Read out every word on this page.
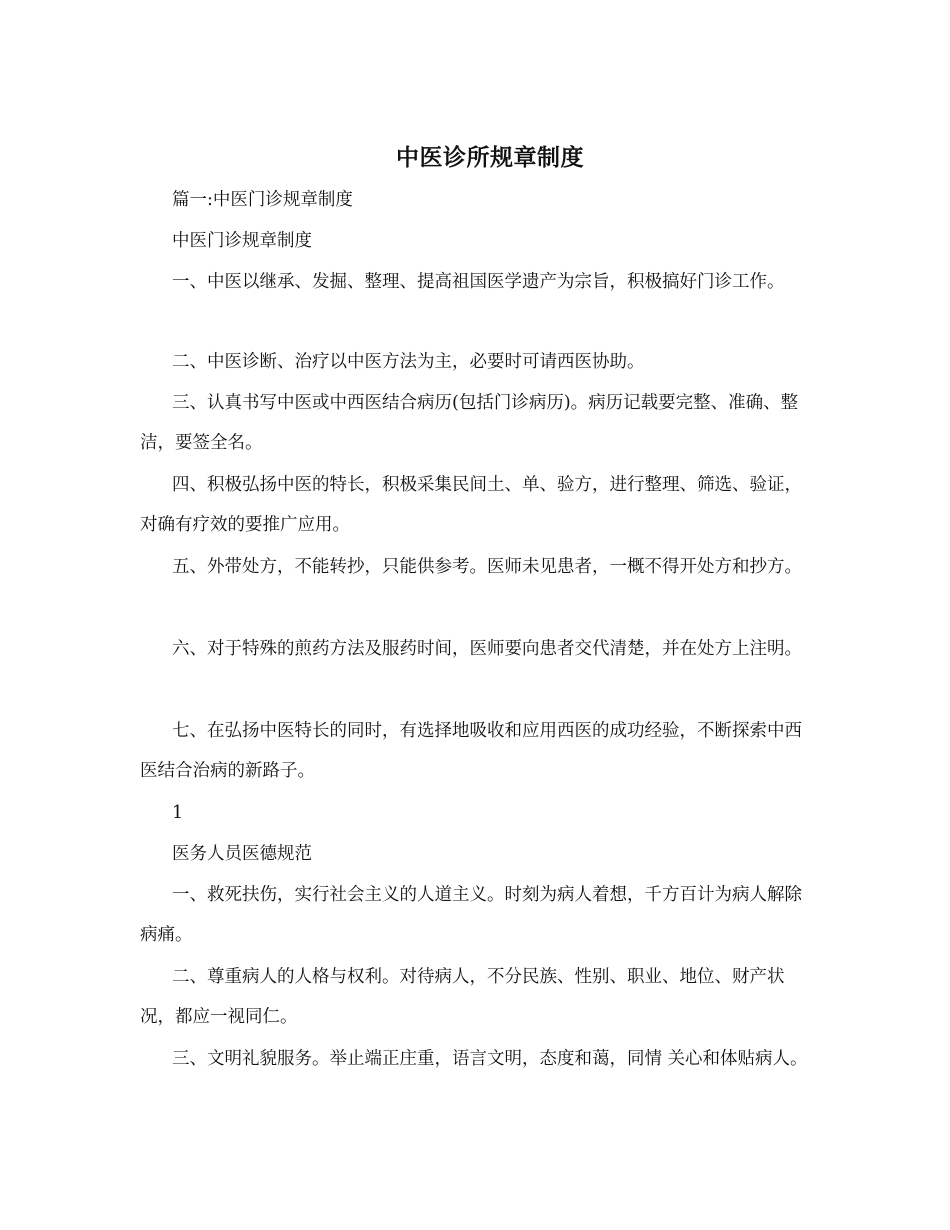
中医诊所规章制度
篇一:中医门诊规章制度
中医门诊规章制度
一、中医以继承、发掘、整理、提高祖国医学遗产为宗旨，积极搞好门诊工作。
二、中医诊断、治疗以中医方法为主，必要时可请西医协助。
三、认真书写中医或中西医结合病历(包括门诊病历)。病历记载要完整、准确、整洁，要签全名。
四、积极弘扬中医的特长，积极采集民间土、单、验方，进行整理、筛选、验证，对确有疗效的要推广应用。
五、外带处方，不能转抄，只能供参考。医师未见患者，一概不得开处方和抄方。
六、对于特殊的煎药方法及服药时间，医师要向患者交代清楚，并在处方上注明。
七、在弘扬中医特长的同时，有选择地吸收和应用西医的成功经验，不断探索中西医结合治病的新路子。
1
医务人员医德规范
一、救死扶伤，实行社会主义的人道主义。时刻为病人着想，千方百计为病人解除病痛。
二、尊重病人的人格与权利。对待病人，不分民族、性别、职业、地位、财产状况，都应一视同仁。
三、文明礼貌服务。举止端正庄重，语言文明，态度和蔼，同情 关心和体贴病人。
